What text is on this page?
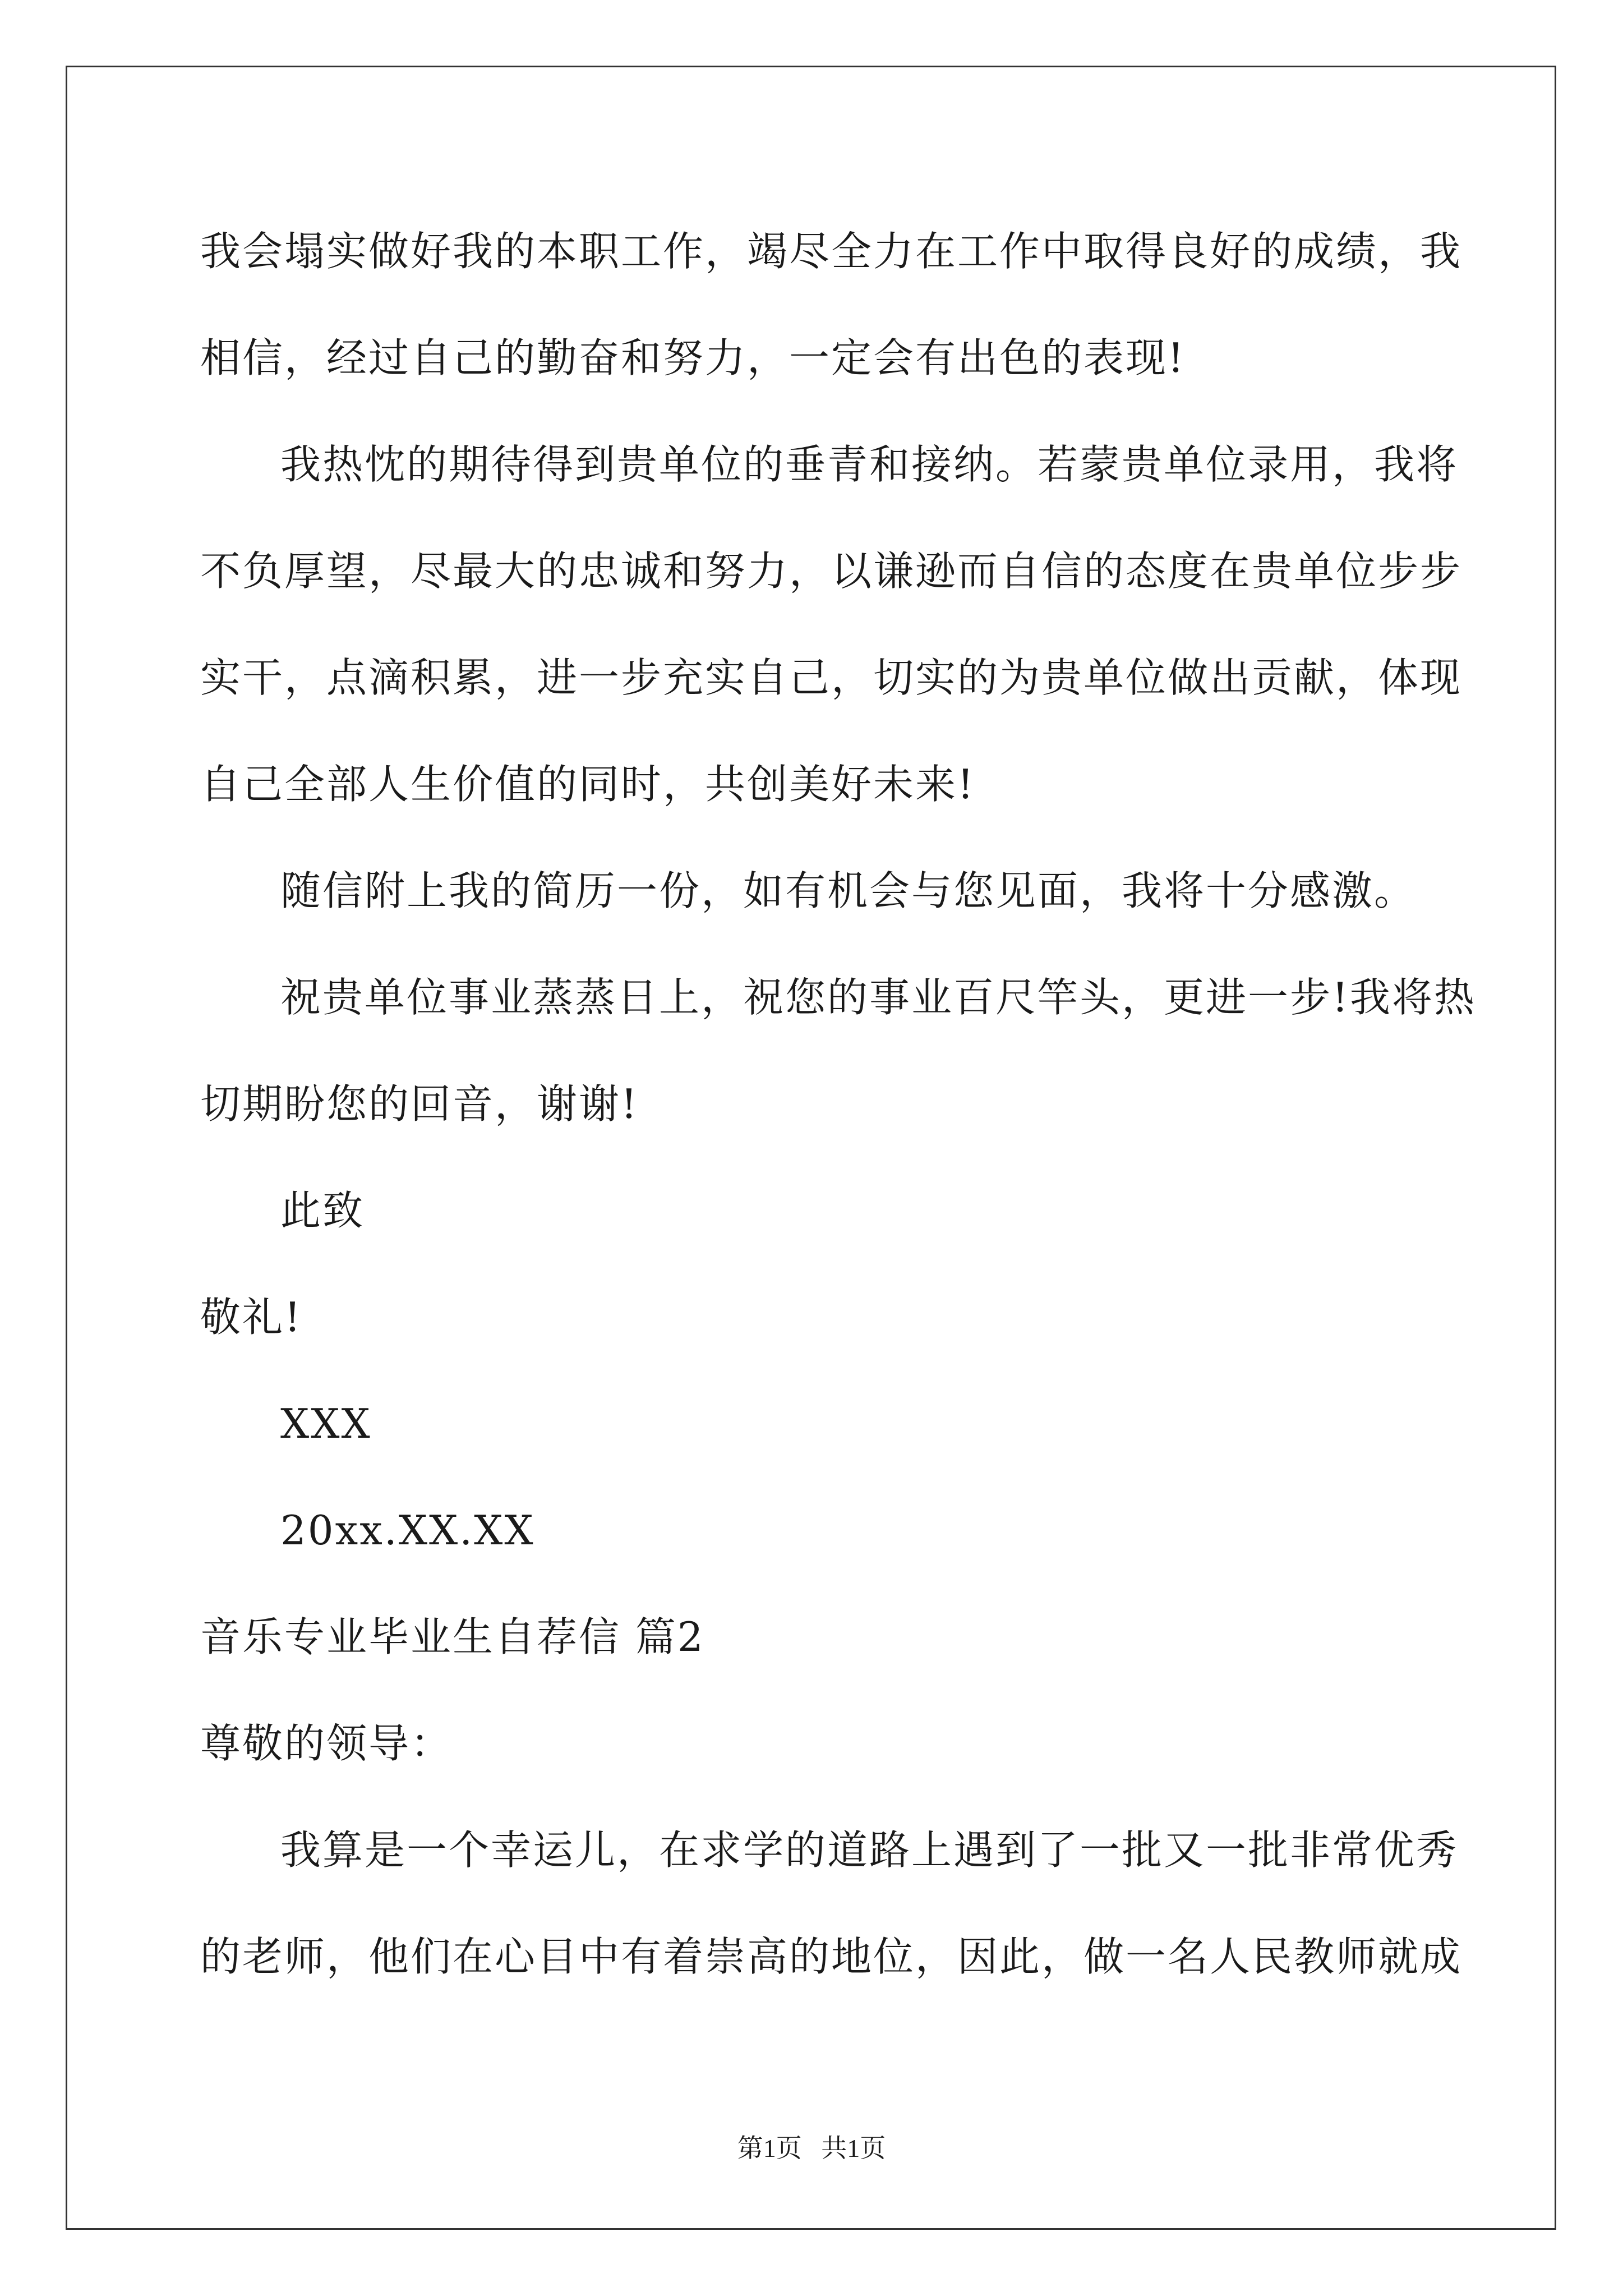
我会塌实做好我的本职工作，竭尽全力在工作中取得良好的成绩，我
相信，经过自己的勤奋和努力，一定会有出色的表现!
我热忱的期待得到贵单位的垂青和接纳。若蒙贵单位录用，我将
不负厚望，尽最大的忠诚和努力，以谦逊而自信的态度在贵单位步步
实干，点滴积累，进一步充实自己，切实的为贵单位做出贡献，体现
自己全部人生价值的同时，共创美好未来!
随信附上我的简历一份，如有机会与您见面，我将十分感激。
祝贵单位事业蒸蒸日上，祝您的事业百尺竿头，更进一步!我将热
切期盼您的回音，谢谢!
此致
敬礼!
XXX
20xx.XX.XX
音乐专业毕业生自荐信 篇2
尊敬的领导：
我算是一个幸运儿，在求学的道路上遇到了一批又一批非常优秀
的老师，他们在心目中有着崇高的地位，因此，做一名人民教师就成
第1页   共1页
